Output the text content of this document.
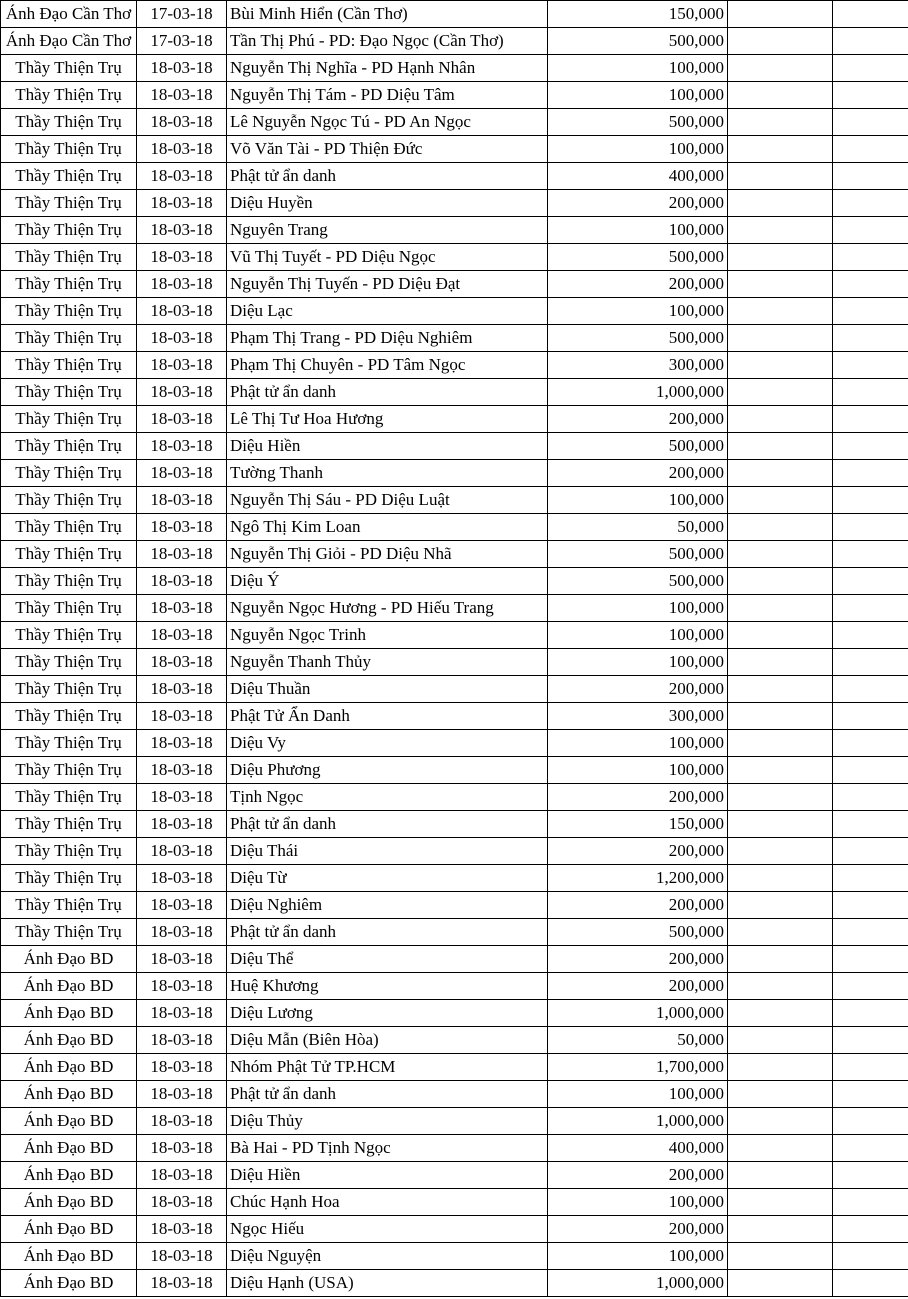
Ánh Đạo Cần Thơ	17-03-18	Bùi Minh Hiển (Cần Thơ)	150,000		
Ánh Đạo Cần Thơ	17-03-18	Tần Thị Phú - PD: Đạo Ngọc (Cần Thơ)	500,000		
Thầy Thiện Trụ	18-03-18	Nguyễn Thị Nghĩa - PD Hạnh Nhân	100,000		
Thầy Thiện Trụ	18-03-18	Nguyễn Thị Tám - PD Diệu Tâm	100,000		
Thầy Thiện Trụ	18-03-18	Lê Nguyễn Ngọc Tú - PD An Ngọc	500,000		
Thầy Thiện Trụ	18-03-18	Võ Văn Tài - PD Thiện Đức	100,000		
Thầy Thiện Trụ	18-03-18	Phật tử ẩn danh	400,000		
Thầy Thiện Trụ	18-03-18	Diệu Huyền	200,000		
Thầy Thiện Trụ	18-03-18	Nguyên Trang	100,000		
Thầy Thiện Trụ	18-03-18	Vũ Thị Tuyết - PD Diệu Ngọc	500,000		
Thầy Thiện Trụ	18-03-18	Nguyễn Thị Tuyến - PD Diệu Đạt	200,000		
Thầy Thiện Trụ	18-03-18	Diệu Lạc	100,000		
Thầy Thiện Trụ	18-03-18	Phạm Thị Trang - PD Diệu Nghiêm	500,000		
Thầy Thiện Trụ	18-03-18	Phạm Thị Chuyên - PD Tâm Ngọc	300,000		
Thầy Thiện Trụ	18-03-18	Phật tử ẩn danh	1,000,000		
Thầy Thiện Trụ	18-03-18	Lê Thị Tư Hoa Hương	200,000		
Thầy Thiện Trụ	18-03-18	Diệu Hiền	500,000		
Thầy Thiện Trụ	18-03-18	Tường Thanh	200,000		
Thầy Thiện Trụ	18-03-18	Nguyễn Thị Sáu - PD Diệu Luật	100,000		
Thầy Thiện Trụ	18-03-18	Ngô Thị Kim Loan	50,000		
Thầy Thiện Trụ	18-03-18	Nguyễn Thị Giỏi - PD Diệu Nhã	500,000		
Thầy Thiện Trụ	18-03-18	Diệu Ý	500,000		
Thầy Thiện Trụ	18-03-18	Nguyễn Ngọc Hương - PD Hiếu Trang	100,000		
Thầy Thiện Trụ	18-03-18	Nguyễn Ngọc Trinh	100,000		
Thầy Thiện Trụ	18-03-18	Nguyễn Thanh Thủy	100,000		
Thầy Thiện Trụ	18-03-18	Diệu Thuần	200,000		
Thầy Thiện Trụ	18-03-18	Phật Tử Ẩn Danh	300,000		
Thầy Thiện Trụ	18-03-18	Diệu Vy	100,000		
Thầy Thiện Trụ	18-03-18	Diệu Phương	100,000		
Thầy Thiện Trụ	18-03-18	Tịnh Ngọc	200,000		
Thầy Thiện Trụ	18-03-18	Phật tử ẩn danh	150,000		
Thầy Thiện Trụ	18-03-18	Diệu Thái	200,000		
Thầy Thiện Trụ	18-03-18	Diệu Từ	1,200,000		
Thầy Thiện Trụ	18-03-18	Diệu Nghiêm	200,000		
Thầy Thiện Trụ	18-03-18	Phật tử ẩn danh	500,000		
Ánh Đạo BD	18-03-18	Diệu Thể	200,000		
Ánh Đạo BD	18-03-18	Huệ Khương	200,000		
Ánh Đạo BD	18-03-18	Diệu Lương	1,000,000		
Ánh Đạo BD	18-03-18	Diệu Mẫn (Biên Hòa)	50,000		
Ánh Đạo BD	18-03-18	Nhóm Phật Tử TP.HCM	1,700,000		
Ánh Đạo BD	18-03-18	Phật tử ẩn danh	100,000		
Ánh Đạo BD	18-03-18	Diệu Thủy	1,000,000		
Ánh Đạo BD	18-03-18	Bà Hai - PD Tịnh Ngọc	400,000		
Ánh Đạo BD	18-03-18	Diệu Hiền	200,000		
Ánh Đạo BD	18-03-18	Chúc Hạnh Hoa	100,000		
Ánh Đạo BD	18-03-18	Ngọc Hiếu	200,000		
Ánh Đạo BD	18-03-18	Diệu Nguyện	100,000		
Ánh Đạo BD	18-03-18	Diệu Hạnh (USA)	1,000,000		
